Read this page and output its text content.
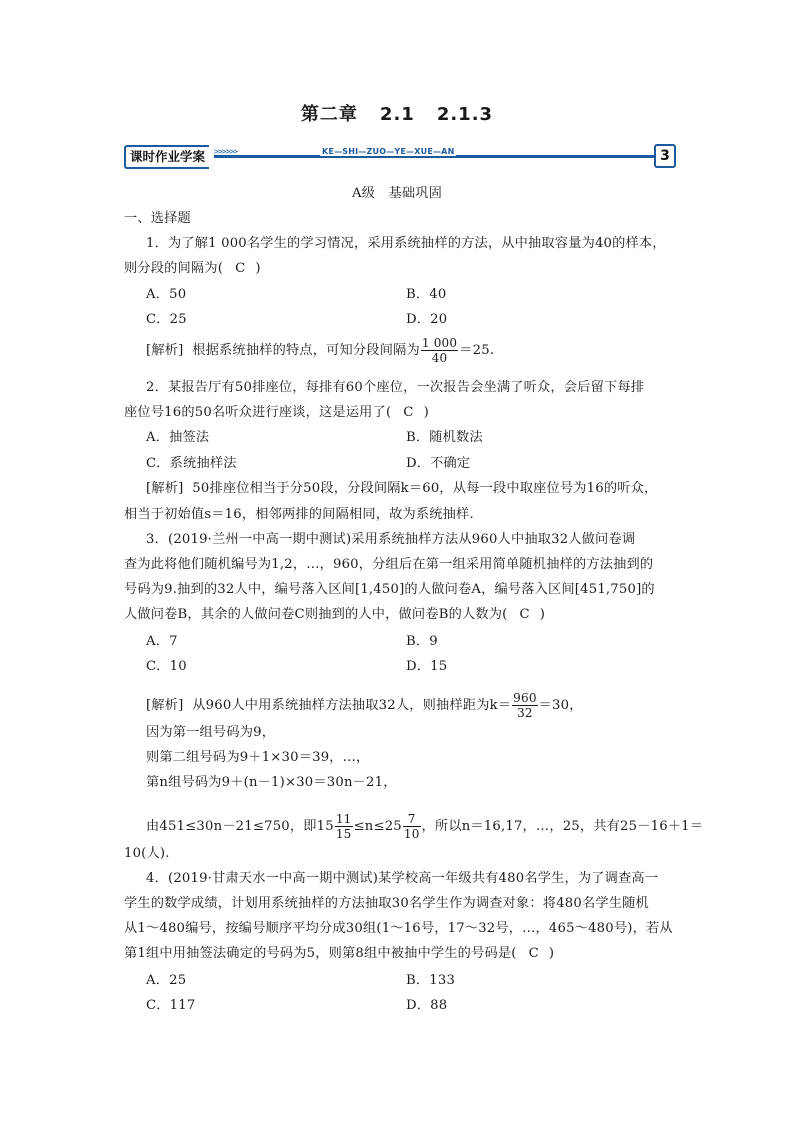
第二章 2.1 2.1.3
>>>>>>
课时作业学案	KE—SHI—ZUO—YE—XUE—AN	3
A级　基础巩固
一、选择题
1．为了解1 000名学生的学习情况，采用系统抽样的方法，从中抽取容量为40的样本，
则分段的间隔为( C )
A．50	B．40
C．25	D．20
[解析] 根据系统抽样的特点，可知分段间隔为 $\frac{1 000}{40} =25$.
2．某报告厅有50排座位，每排有60个座位，一次报告会坐满了听众，会后留下每排
座位号16的50名听众进行座谈，这是运用了( C )
A．抽签法	B．随机数法
C．系统抽样法	D．不确定
[解析] 50排座位相当于分50段，分段间隔k＝60，从每一段中取座位号为16的听众，
相当于初始值s＝16，相邻两排的间隔相同，故为系统抽样.
3．(2019·兰州一中高一期中测试)采用系统抽样方法从960人中抽取32人做问卷调
查为此将他们随机编号为1,2，…，960，分组后在第一组采用简单随机抽样的方法抽到的
号码为9.抽到的32人中，编号落入区间[1,450]的人做问卷A，编号落入区间[451,750]的
人做问卷B，其余的人做问卷C则抽到的人中，做问卷B的人数为( C )
A．7	B．9
C．10	D．15
[解析] 从960人中用系统抽样方法抽取32人，则抽样距为$k= \frac{960}{32} =30$，
因为第一组号码为9，
则第二组号码为9＋1×30＝39，…，
第n组号码为9＋(n－1)×30＝30n－21，
由451≤30n－21≤750，即$15 \frac{11}{15} \le n\le 25 \frac{7}{10}$ ，所以n＝16,17，…，25，共有25－16＋1＝
10(人).
4．(2019·甘肃天水一中高一期中测试)某学校高一年级共有480名学生，为了调查高一
学生的数学成绩，计划用系统抽样的方法抽取30名学生作为调查对象：将480名学生随机
从1～480编号，按编号顺序平均分成30组(1～16号，17～32号，…，465～480号)，若从
第1组中用抽签法确定的号码为5，则第8组中被抽中学生的号码是( C )
A．25	B．133
C．117	D．88
